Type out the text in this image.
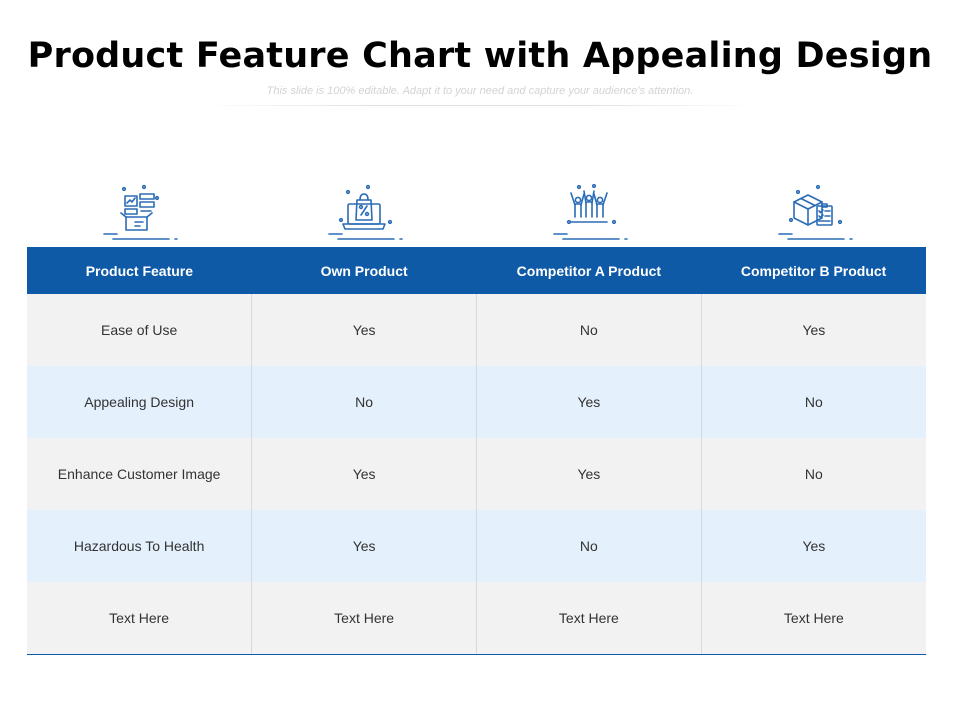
Product Feature Chart with Appealing Design
This slide is 100% editable. Adapt it to your need and capture your audience's attention.
Product Feature	Own Product	Competitor A Product	Competitor B Product
Ease of Use	Yes	No	Yes
Appealing Design	No	Yes	No
Enhance Customer Image	Yes	Yes	No
Hazardous To Health	Yes	No	Yes
Text Here	Text Here	Text Here	Text Here
